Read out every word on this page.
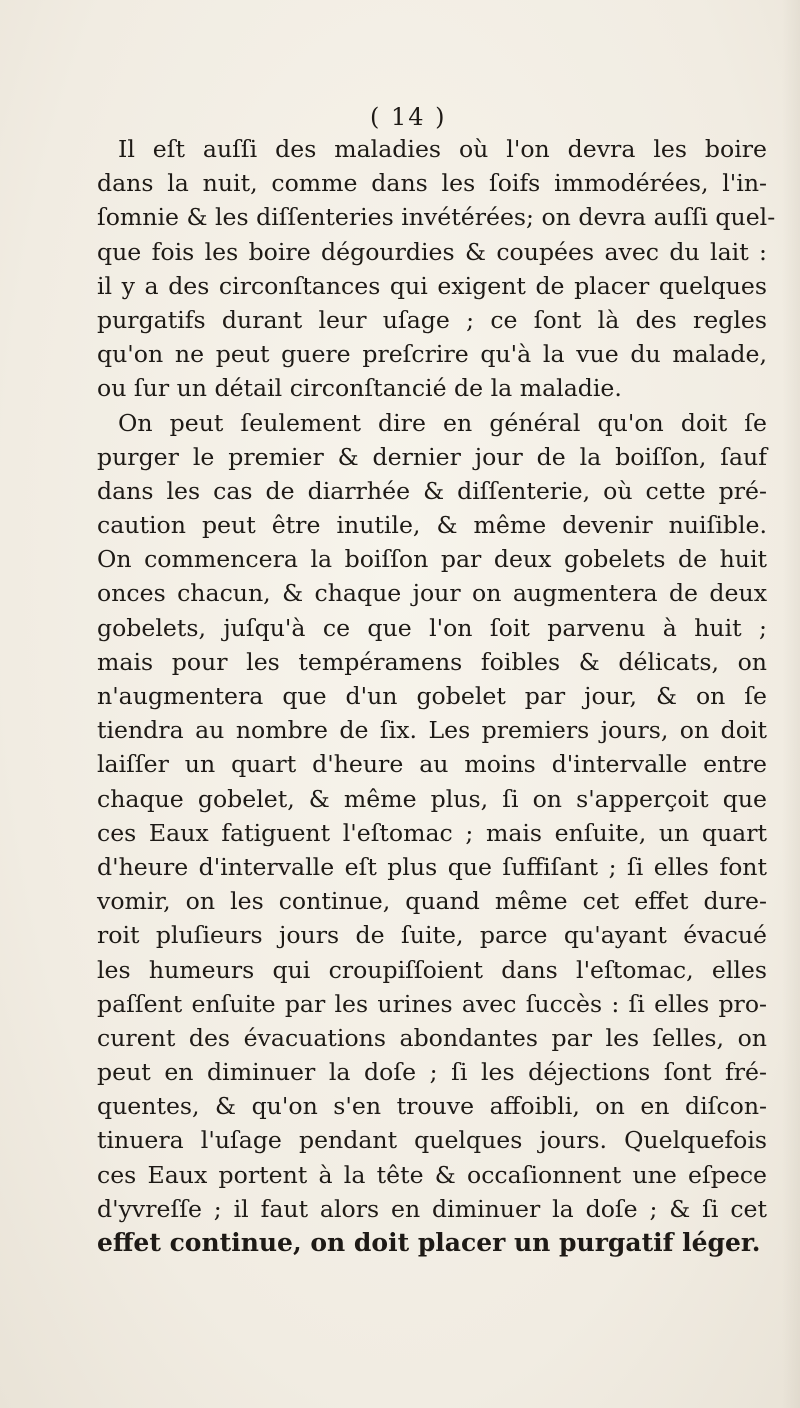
( 14 )
Il eſt auſſi des maladies où l'on devra les boire
dans la nuit, comme dans les ſoifs immodérées, l'in-
ſomnie & les diſſenteries invétérées; on devra auſſi quel-
que fois les boire dégourdies & coupées avec du lait :
il y a des circonſtances qui exigent de placer quelques
purgatifs durant leur uſage ; ce ſont là des regles
qu'on ne peut guere preſcrire qu'à la vue du malade,
ou ſur un détail circonſtancié de la maladie.
On peut ſeulement dire en général qu'on doit ſe
purger le premier & dernier jour de la boiſſon, ſauf
dans les cas de diarrhée & diſſenterie, où cette pré-
caution peut être inutile, & même devenir nuiſible.
On commencera la boiſſon par deux gobelets de huit
onces chacun, & chaque jour on augmentera de deux
gobelets, juſqu'à ce que l'on ſoit parvenu à huit ;
mais pour les tempéramens foibles & délicats, on
n'augmentera que d'un gobelet par jour, & on ſe
tiendra au nombre de ſix. Les premiers jours, on doit
laiſſer un quart d'heure au moins d'intervalle entre
chaque gobelet, & même plus, ſi on s'apperçoit que
ces Eaux fatiguent l'eſtomac ; mais enſuite, un quart
d'heure d'intervalle eſt plus que ſuffiſant ; ſi elles font
vomir, on les continue, quand même cet effet dure-
roit pluſieurs jours de ſuite, parce qu'ayant évacué
les humeurs qui croupiſſoient dans l'eſtomac, elles
paſſent enſuite par les urines avec ſuccès : ſi elles pro-
curent des évacuations abondantes par les ſelles, on
peut en diminuer la doſe ; ſi les déjections ſont fré-
quentes, & qu'on s'en trouve affoibli, on en diſcon-
tinuera l'uſage pendant quelques jours. Quelquefois
ces Eaux portent à la tête & occaſionnent une eſpece
d'yvreſſe ; il faut alors en diminuer la doſe ; & ſi cet
effet continue, on doit placer un purgatif léger.
